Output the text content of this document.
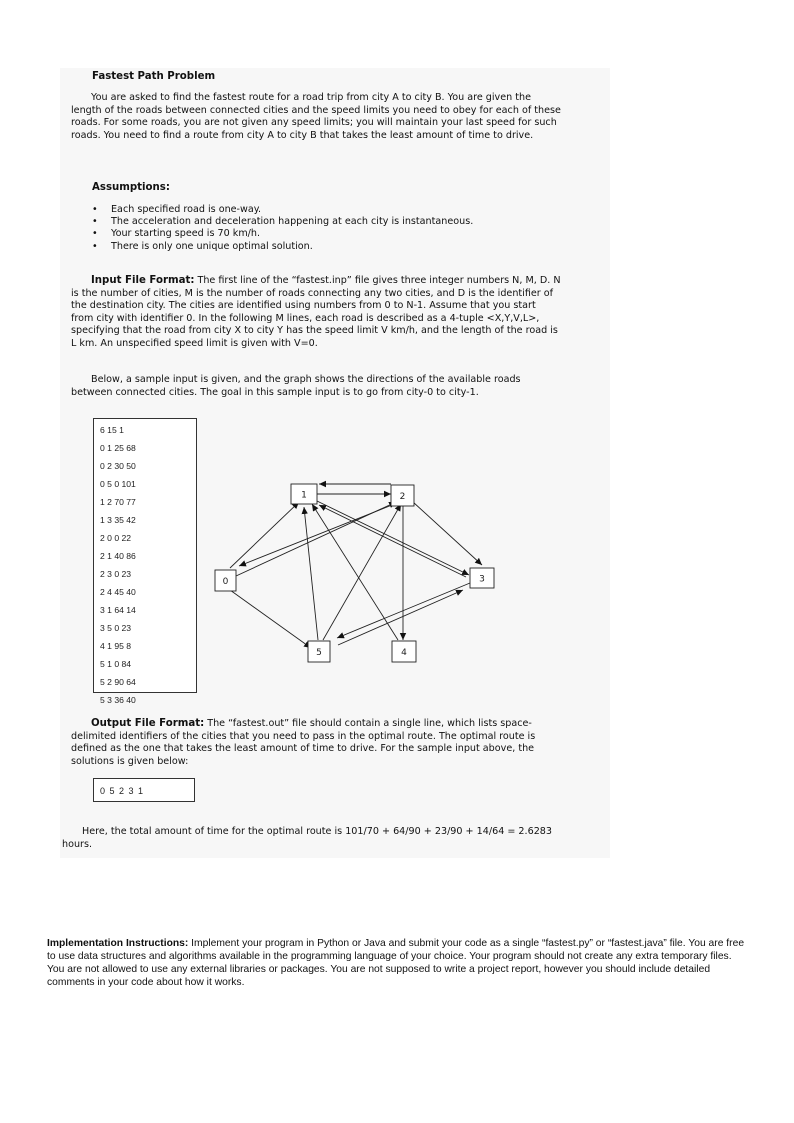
Fastest Path Problem
You are asked to find the fastest route for a road trip from city A to city B. You are given the length of the roads between connected cities and the speed limits you need to obey for each of these roads. For some roads, you are not given any speed limits; you will maintain your last speed for such roads. You need to find a route from city A to city B that takes the least amount of time to drive.
Assumptions:
• Each specified road is one-way.
• The acceleration and deceleration happening at each city is instantaneous.
• Your starting speed is 70 km/h.
• There is only one unique optimal solution.
Input File Format: The first line of the “fastest.inp” file gives three integer numbers N, M, D. N is the number of cities, M is the number of roads connecting any two cities, and D is the identifier of the destination city. The cities are identified using numbers from 0 to N-1. Assume that you start from city with identifier 0. In the following M lines, each road is described as a 4-tuple <X,Y,V,L>, specifying that the road from city X to city Y has the speed limit V km/h, and the length of the road is L km. An unspecified speed limit is given with V=0.
Below, a sample input is given, and the graph shows the directions of the available roads between connected cities. The goal in this sample input is to go from city-0 to city-1.
6 15 1
0 1 25 68
0 2 30 50
0 5 0 101
1 2 70 77
1 3 35 42
2 0 0 22
2 1 40 86
2 3 0 23
2 4 45 40
3 1 64 14
3 5 0 23
4 1 95 8
5 1 0 84
5 2 90 64
5 3 36 40
0
1	2
3
4
5
Output File Format: The “fastest.out” file should contain a single line, which lists space-delimited identifiers of the cities that you need to pass in the optimal route. The optimal route is defined as the one that takes the least amount of time to drive. For the sample input above, the solutions is given below:
0 5 2 3 1
Here, the total amount of time for the optimal route is 101/70 + 64/90 + 23/90 + 14/64 = 2.6283 hours.
Implementation Instructions: Implement your program in Python or Java and submit your code as a single “fastest.py” or “fastest.java” file. You are free to use data structures and algorithms available in the programming language of your choice. Your program should not create any extra temporary files. You are not allowed to use any external libraries or packages. You are not supposed to write a project report, however you should include detailed comments in your code about how it works.
